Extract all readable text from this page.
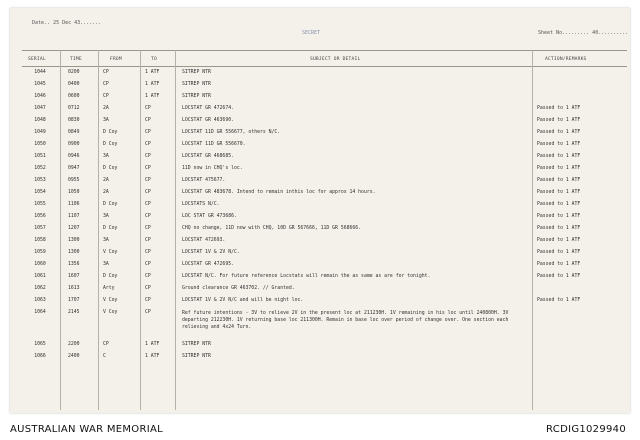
Date.. 25 Dec 43.......
SECRET	Sheet No......... 40..........
SERIAL	TIME	FROM	TO	SUBJECT OR DETAIL	ACTION/REMARKS
1044	0200	CP	1 ATF	SITREP NTR
1045	0400	CP	1 ATF	SITREP NTR
1046	0600	CP	1 ATF	SITREP NTR
1047	0712	2A	CP	LOCSTAT GR 472674.	Passed to 1 ATF
1048	0830	3A	CP	LOCSTAT GR 463690.	Passed to 1 ATF
1049	0849	D Coy	CP	LOCSTAT 11D GR 556677, others N/C.	Passed to 1 ATF
1050	0900	D Coy	CP	LOCSTAT 11D GR 556670.	Passed to 1 ATF
1051	0946	3A	CP	LOCSTAT GR 468685.	Passed to 1 ATF
1052	0947	D Coy	CP	11D now in CHQ's loc.	Passed to 1 ATF
1053	0955	2A	CP	LOCSTAT 475677.	Passed to 1 ATF
1054	1050	2A	CP	LOCSTAT GR 483678. Intend to remain inthis loc for approx 14 hours.	Passed to 1 ATF
1055	1106	D Coy	CP	LOCSTATS N/C.	Passed to 1 ATF
1056	1107	3A	CP	LOC STAT GR 473686.	Passed to 1 ATF
1057	1207	D Coy	CP	CHQ no change, 11D now with CHQ, 10D GR 567666, 11D GR 568666.	Passed to 1 ATF
1058	1300	3A	CP	LOCSTAT 472693.	Passed to 1 ATF
1059	1300	V Coy	CP	LOCSTAT 1V & 2V N/C.	Passed to 1 ATF
1060	1356	3A	CP	LOCSTAT GR 472695.	Passed to 1 ATF
1061	1607	D Coy	CP	LOCSTAT N/C. For future reference Locstats will remain the as same as are for tonight.	Passed to 1 ATF
1062	1613	Arty	CP	Ground clearance GR 463702. // Granted.
1063	1707	V Coy	CP	LOCSTAT 1V & 2V N/C and will be night loc.	Passed to 1 ATF
1064	2145	V Coy	CP	Ref future intentions - 3V to relieve 2V in the present loc at 211230H. 1V remaining in his loc until 240800H. 3V departing 212230H. 1V returning base loc 211300H. Remain in base loc over period of change over. One section each relieving and 4x24 Turn.
1065	2200	CP	1 ATF	SITREP NTR
1066	2400	C	1 ATF	SITREP NTR
AUSTRALIAN WAR MEMORIAL	RCDIG1029940
